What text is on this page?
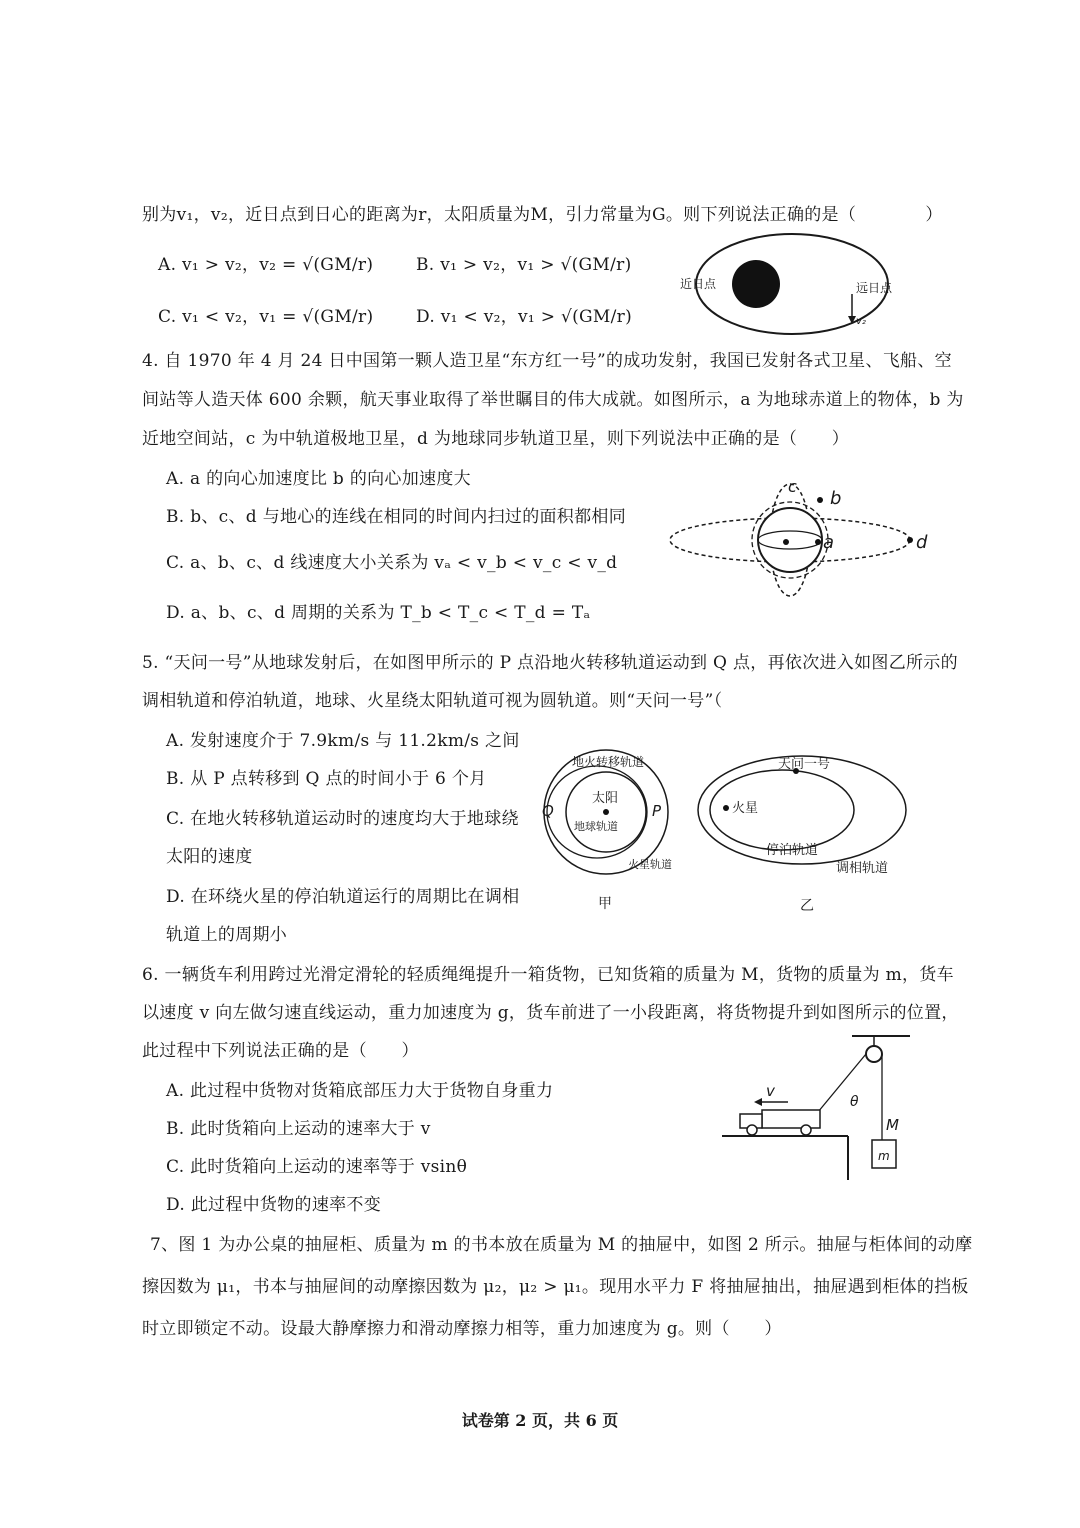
别为v₁，v₂，近日点到日心的距离为r，太阳质量为M，引力常量为G。则下列说法正确的是（　　　　）
A. v₁ > v₂，v₂ = √(GM/r)	B. v₁ > v₂，v₁ > √(GM/r)
C. v₁ < v₂，v₁ = √(GM/r)	D. v₁ < v₂，v₁ > √(GM/r)
近日点	远日点
v₂
4. 自 1970 年 4 月 24 日中国第一颗人造卫星“东方红一号”的成功发射，我国已发射各式卫星、飞船、空
间站等人造天体 600 余颗，航天事业取得了举世瞩目的伟大成就。如图所示，a 为地球赤道上的物体，b 为
近地空间站，c 为中轨道极地卫星，d 为地球同步轨道卫星，则下列说法中正确的是（　　）
A. a 的向心加速度比 b 的向心加速度大
B. b、c、d 与地心的连线在相同的时间内扫过的面积都相同
C. a、b、c、d 线速度大小关系为 vₐ < v_b < v_c < v_d
D. a、b、c、d 周期的关系为 T_b < T_c < T_d = Tₐ
a
b
c
d
5. “天问一号”从地球发射后，在如图甲所示的 P 点沿地火转移轨道运动到 Q 点，再依次进入如图乙所示的
调相轨道和停泊轨道，地球、火星绕太阳轨道可视为圆轨道。则“天问一号”（
A. 发射速度介于 7.9km/s 与 11.2km/s 之间
B. 从 P 点转移到 Q 点的时间小于 6 个月
C. 在地火转移轨道运动时的速度均大于地球绕
太阳的速度
D. 在环绕火星的停泊轨道运行的周期比在调相
轨道上的周期小
地火转移轨道
太阳
地球轨道
火星轨道
Q	P
甲
天问一号
火星
停泊轨道
调相轨道
乙
6. 一辆货车利用跨过光滑定滑轮的轻质绳绳提升一箱货物，已知货箱的质量为 M，货物的质量为 m，货车
以速度 v 向左做匀速直线运动，重力加速度为 g，货车前进了一小段距离，将货物提升到如图所示的位置，
此过程中下列说法正确的是（　　）
A. 此过程中货物对货箱底部压力大于货物自身重力
B. 此时货箱向上运动的速率大于 v
C. 此时货箱向上运动的速率等于 vsinθ
D. 此过程中货物的速率不变
v
θ
M
m
7、图 1 为办公桌的抽屉柜、质量为 m 的书本放在质量为 M 的抽屉中，如图 2 所示。抽屉与柜体间的动摩
擦因数为 μ₁，书本与抽屉间的动摩擦因数为 μ₂，μ₂ > μ₁。现用水平力 F 将抽屉抽出，抽屉遇到柜体的挡板
时立即锁定不动。设最大静摩擦力和滑动摩擦力相等，重力加速度为 g。则（　　）
试卷第 2 页，共 6 页
